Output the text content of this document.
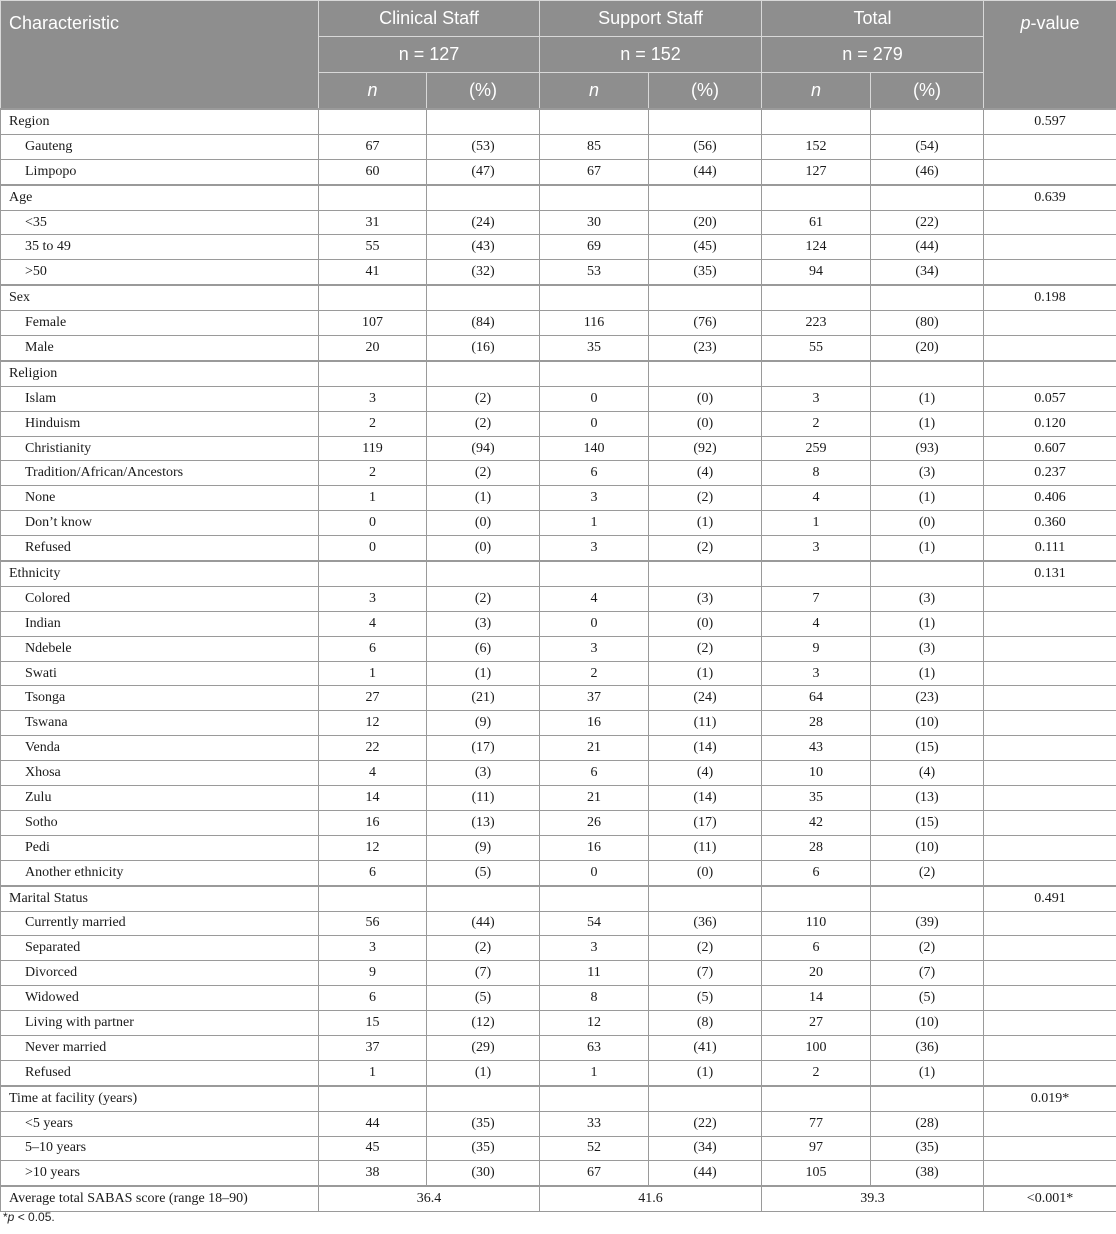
Characteristic	Clinical Staff		Support Staff		Total		p-value
	n = 127		n = 152		n = 279		
	n	(%)	n	(%)	n	(%)	
Region							0.597
Gauteng	67	(53)	85	(56)	152	(54)	
Limpopo	60	(47)	67	(44)	127	(46)	
Age							0.639
<35	31	(24)	30	(20)	61	(22)	
35 to 49	55	(43)	69	(45)	124	(44)	
>50	41	(32)	53	(35)	94	(34)	
Sex							0.198
Female	107	(84)	116	(76)	223	(80)	
Male	20	(16)	35	(23)	55	(20)	
Religion							
Islam	3	(2)	0	(0)	3	(1)	0.057
Hinduism	2	(2)	0	(0)	2	(1)	0.120
Christianity	119	(94)	140	(92)	259	(93)	0.607
Tradition/African/Ancestors	2	(2)	6	(4)	8	(3)	0.237
None	1	(1)	3	(2)	4	(1)	0.406
Don’t know	0	(0)	1	(1)	1	(0)	0.360
Refused	0	(0)	3	(2)	3	(1)	0.111
Ethnicity							0.131
Colored	3	(2)	4	(3)	7	(3)	
Indian	4	(3)	0	(0)	4	(1)	
Ndebele	6	(6)	3	(2)	9	(3)	
Swati	1	(1)	2	(1)	3	(1)	
Tsonga	27	(21)	37	(24)	64	(23)	
Tswana	12	(9)	16	(11)	28	(10)	
Venda	22	(17)	21	(14)	43	(15)	
Xhosa	4	(3)	6	(4)	10	(4)	
Zulu	14	(11)	21	(14)	35	(13)	
Sotho	16	(13)	26	(17)	42	(15)	
Pedi	12	(9)	16	(11)	28	(10)	
Another ethnicity	6	(5)	0	(0)	6	(2)	
Marital Status							0.491
Currently married	56	(44)	54	(36)	110	(39)	
Separated	3	(2)	3	(2)	6	(2)	
Divorced	9	(7)	11	(7)	20	(7)	
Widowed	6	(5)	8	(5)	14	(5)	
Living with partner	15	(12)	12	(8)	27	(10)	
Never married	37	(29)	63	(41)	100	(36)	
Refused	1	(1)	1	(1)	2	(1)	
Time at facility (years)							0.019*
<5 years	44	(35)	33	(22)	77	(28)	
5–10 years	45	(35)	52	(34)	97	(35)	
>10 years	38	(30)	67	(44)	105	(38)	
Average total SABAS score (range 18–90)	36.4		41.6		39.3		<0.001*
*p < 0.05.
